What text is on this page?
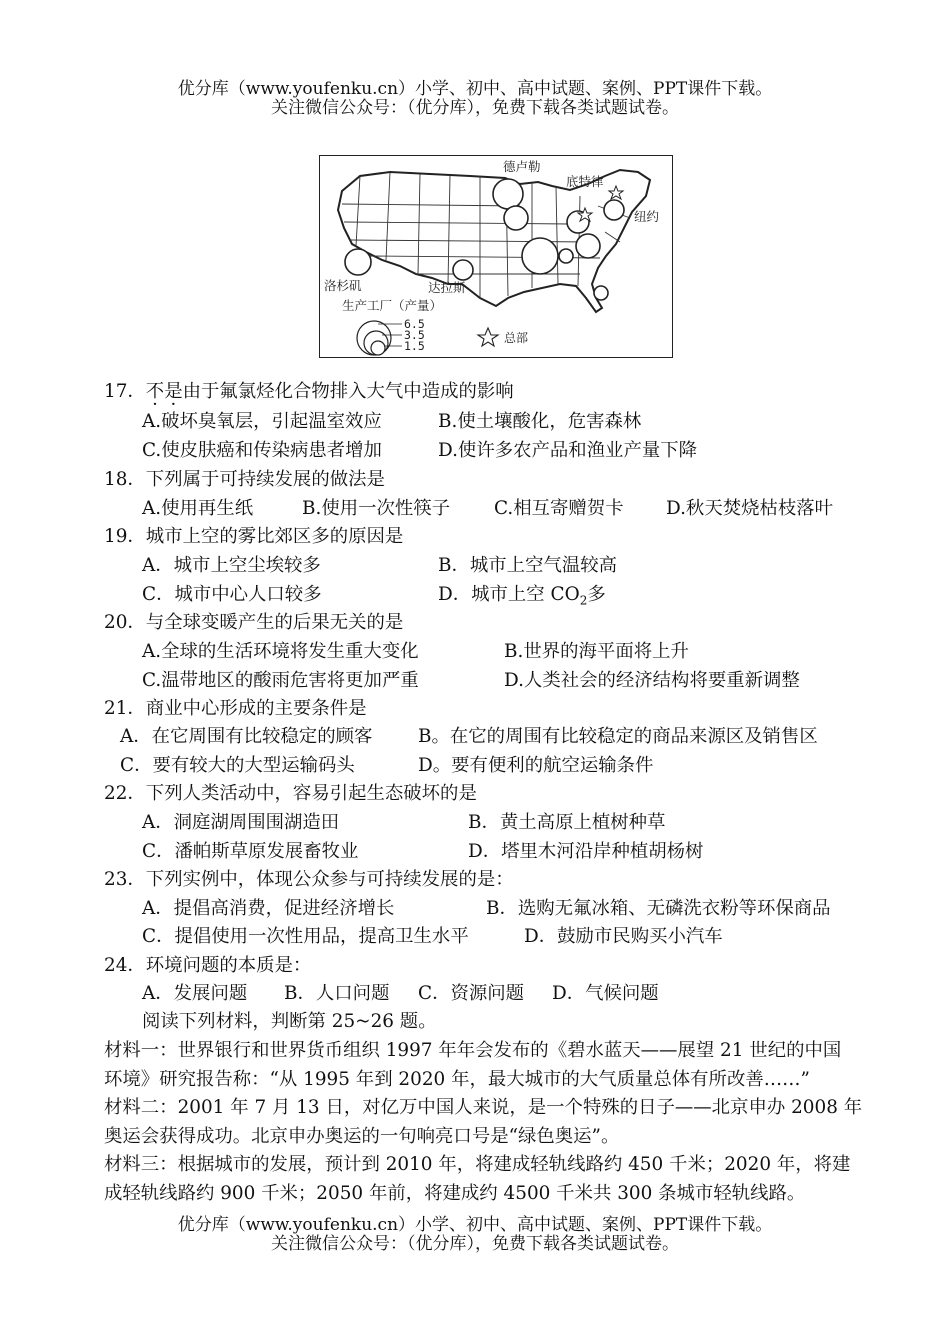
优分库（www.youfenku.cn）小学、初中、高中试题、案例、PPT课件下载。
关注微信公众号：（优分库），免费下载各类试题试卷。
德卢勒
底特律
纽约
洛杉矶	达拉斯
生产工厂（产量）
6.5
3.5
1.5
总部
17．不是由于氟氯烃化合物排入大气中造成的影响
A.破坏臭氧层，引起温室效应	B.使土壤酸化，危害森林
C.使皮肤癌和传染病患者增加	D.使许多农产品和渔业产量下降
18．下列属于可持续发展的做法是
A.使用再生纸	B.使用一次性筷子 C.相互寄赠贺卡 D.秋天焚烧枯枝落叶
19．城市上空的雾比郊区多的原因是
A．城市上空尘埃较多	B．城市上空气温较高
C．城市中心人口较多	D．城市上空 $CO_2$多
20．与全球变暖产生的后果无关的是
A.全球的生活环境将发生重大变化	B.世界的海平面将上升
C.温带地区的酸雨危害将更加严重	D.人类社会的经济结构将要重新调整
21．商业中心形成的主要条件是
A．在它周围有比较稳定的顾客 B。在它的周围有比较稳定的商品来源区及销售区
C．要有较大的大型运输码头	D。要有便利的航空运输条件
22．下列人类活动中，容易引起生态破坏的是
A．洞庭湖周围围湖造田	B．黄土高原上植树种草
C．潘帕斯草原发展畜牧业	D．塔里木河沿岸种植胡杨树
23．下列实例中，体现公众参与可持续发展的是：
A．提倡高消费，促进经济增长	B．选购无氟冰箱、无磷洗衣粉等环保商品
C．提倡使用一次性用品，提高卫生水平	D．鼓励市民购买小汽车
24．环境问题的本质是：
A．发展问题 B．人口问题 C．资源问题 D．气候问题
阅读下列材料，判断第 25~26 题。
材料一：世界银行和世界货币组织 1997 年年会发布的《碧水蓝天——展望 21 世纪的中国
环境》研究报告称：“从 1995 年到 2020 年，最大城市的大气质量总体有所改善……”
材料二：2001 年 7 月 13 日，对亿万中国人来说，是一个特殊的日子——北京申办 2008 年
奥运会获得成功。北京申办奥运的一句响亮口号是“绿色奥运”。
材料三：根据城市的发展，预计到 2010 年，将建成轻轨线路约 450 千米；2020 年，将建
成轻轨线路约 900 千米；2050 年前，将建成约 4500 千米共 300 条城市轻轨线路。
优分库（www.youfenku.cn）小学、初中、高中试题、案例、PPT课件下载。
关注微信公众号：（优分库），免费下载各类试题试卷。
